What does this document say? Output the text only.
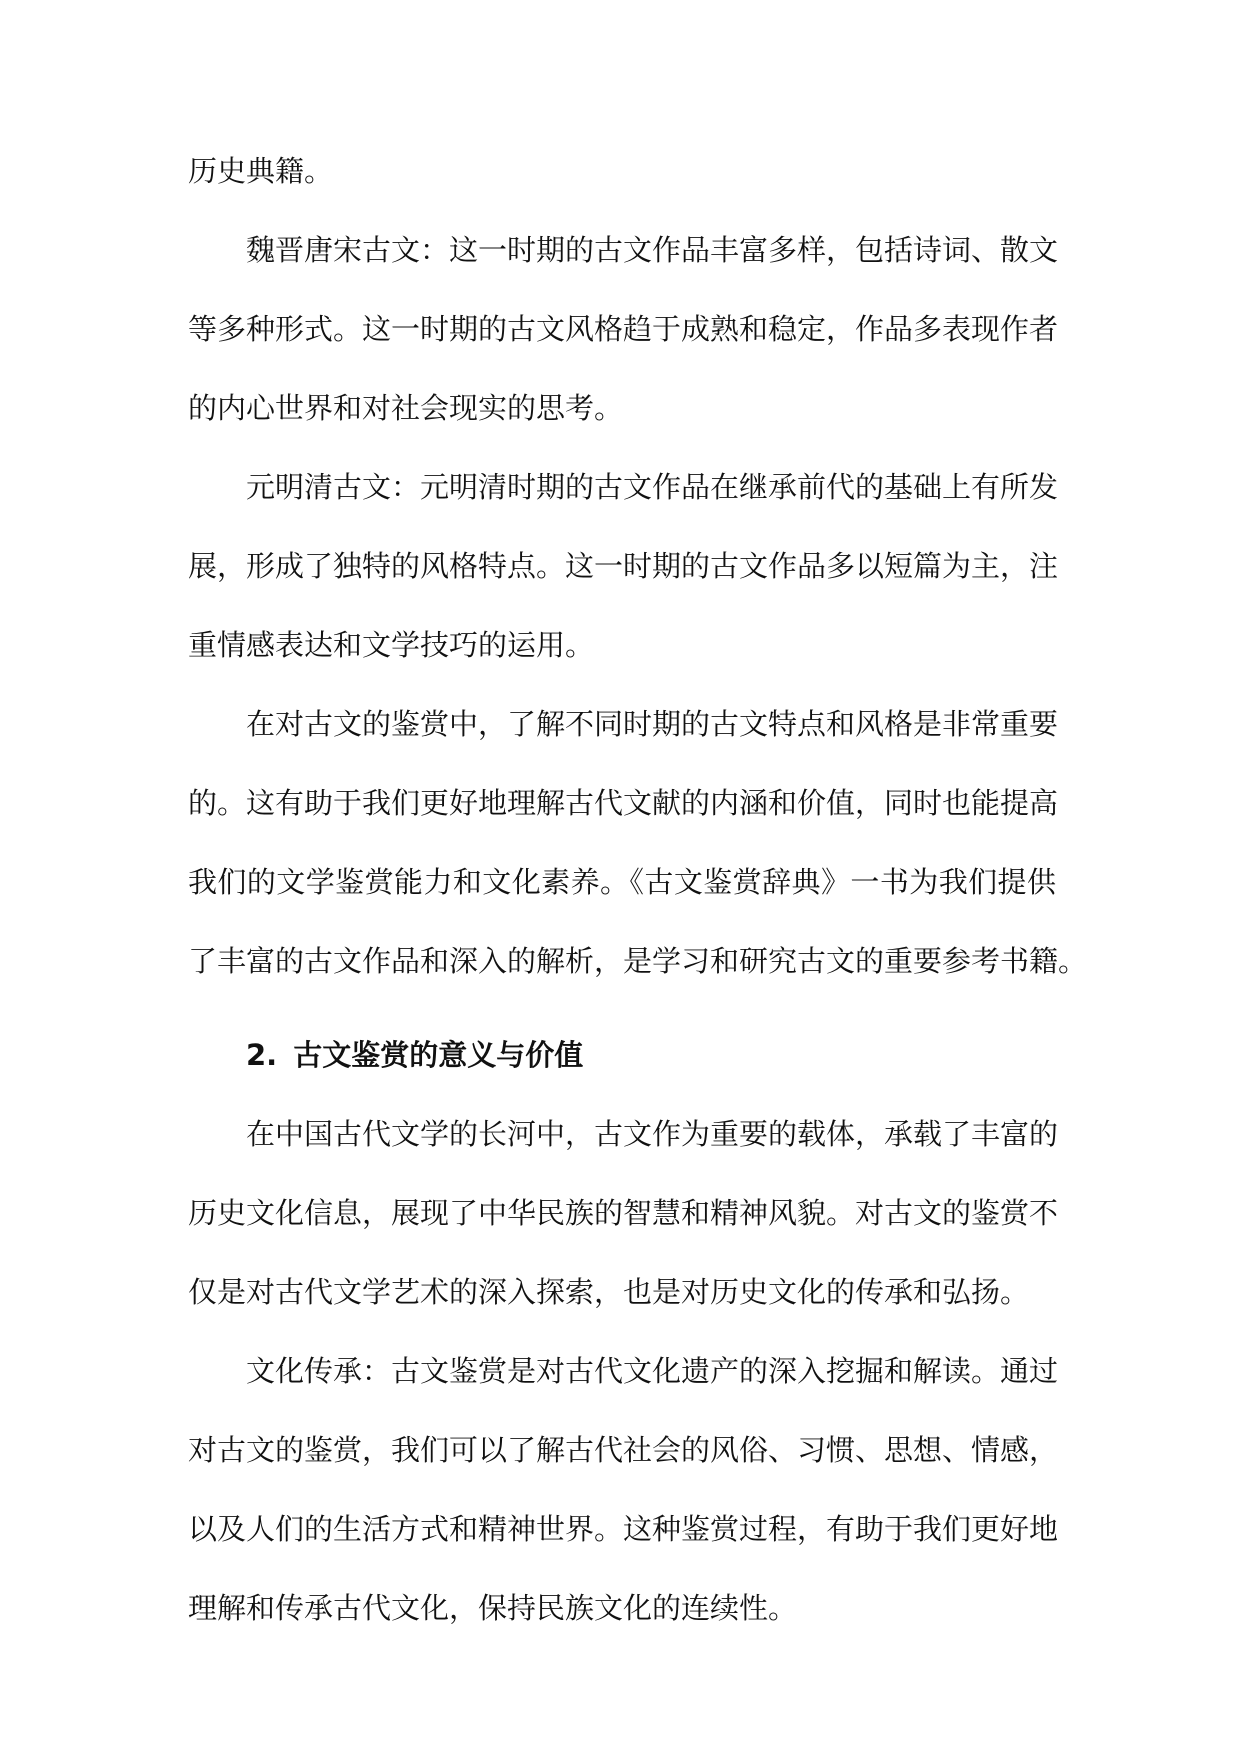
历史典籍。
魏晋唐宋古文：这一时期的古文作品丰富多样，包括诗词、散文
等多种形式。这一时期的古文风格趋于成熟和稳定，作品多表现作者
的内心世界和对社会现实的思考。
元明清古文：元明清时期的古文作品在继承前代的基础上有所发
展，形成了独特的风格特点。这一时期的古文作品多以短篇为主，注
重情感表达和文学技巧的运用。
在对古文的鉴赏中，了解不同时期的古文特点和风格是非常重要
的。这有助于我们更好地理解古代文献的内涵和价值，同时也能提高
我们的文学鉴赏能力和文化素养。《古文鉴赏辞典》一书为我们提供
了丰富的古文作品和深入的解析，是学习和研究古文的重要参考书籍。
2. 古文鉴赏的意义与价值
在中国古代文学的长河中，古文作为重要的载体，承载了丰富的
历史文化信息，展现了中华民族的智慧和精神风貌。对古文的鉴赏不
仅是对古代文学艺术的深入探索，也是对历史文化的传承和弘扬。
文化传承：古文鉴赏是对古代文化遗产的深入挖掘和解读。通过
对古文的鉴赏，我们可以了解古代社会的风俗、习惯、思想、情感，
以及人们的生活方式和精神世界。这种鉴赏过程，有助于我们更好地
理解和传承古代文化，保持民族文化的连续性。
